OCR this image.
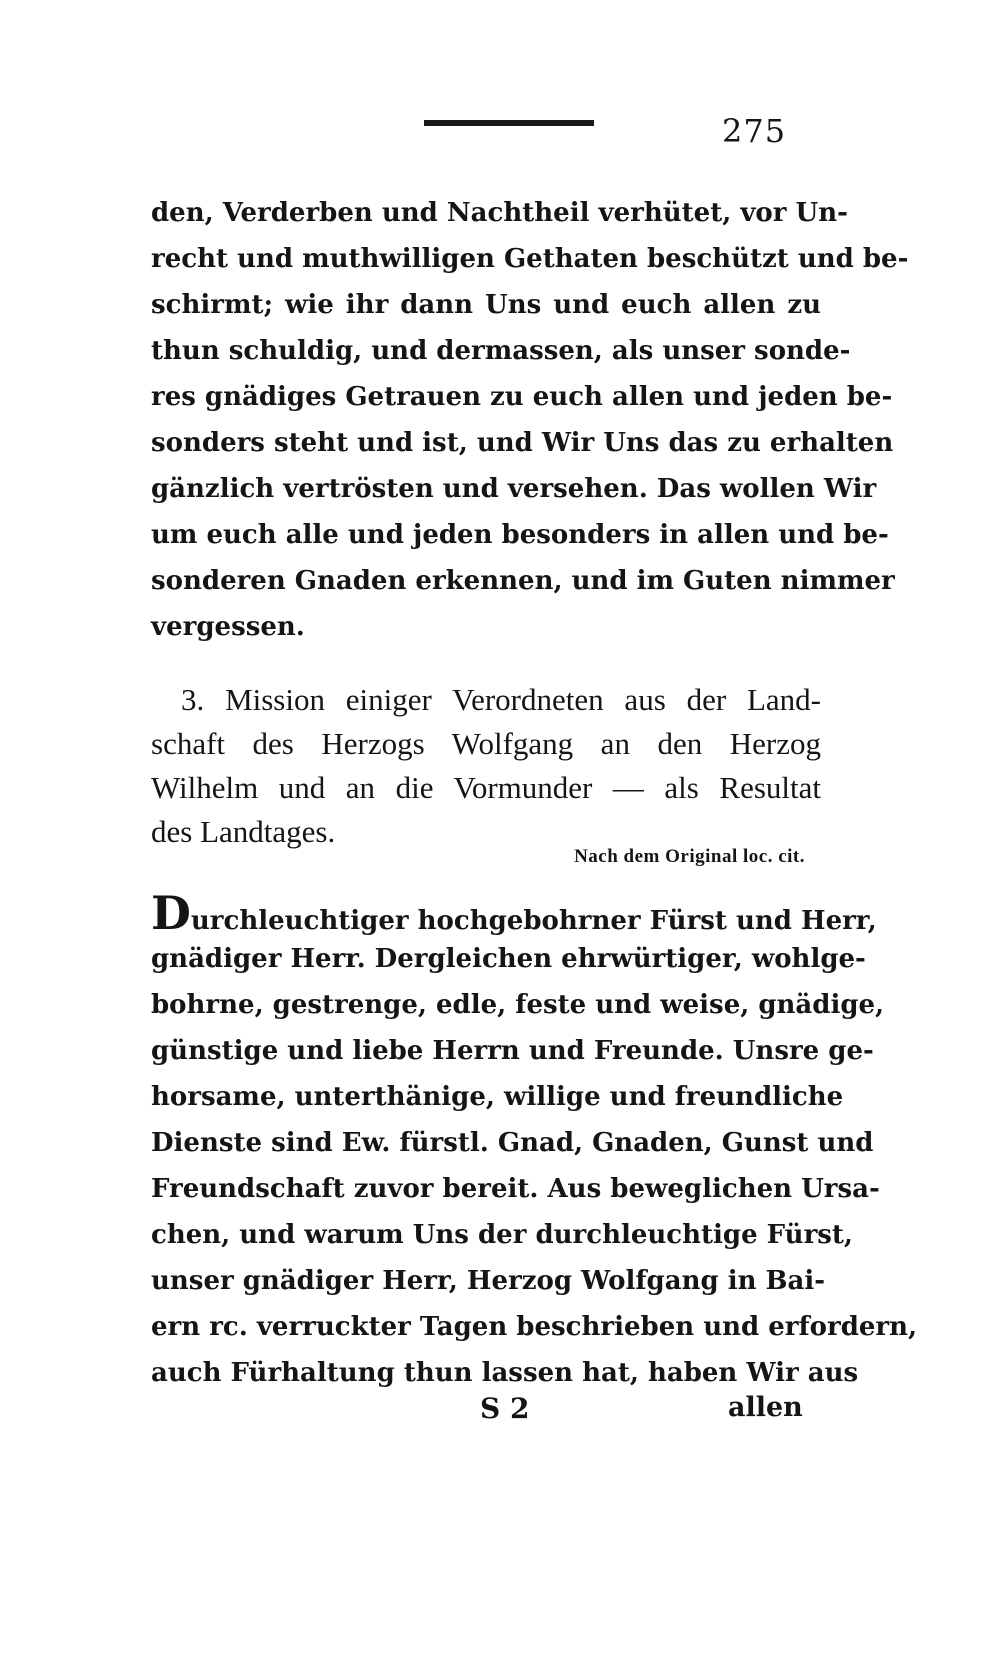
275
den, Verderben und Nachtheil verhütet, vor Un-
recht und muthwilligen Gethaten beschützt und be-
schirmt; wie ihr dann Uns und euch allen zu
thun schuldig, und dermassen, als unser sonde-
res gnädiges Getrauen zu euch allen und jeden be-
sonders steht und ist, und Wir Uns das zu erhalten
gänzlich vertrösten und versehen. Das wollen Wir
um euch alle und jeden besonders in allen und be-
sonderen Gnaden erkennen, und im Guten nimmer
vergessen.
3. Mission einiger Verordneten aus der Land-
schaft des Herzogs Wolfgang an den Herzog
Wilhelm und an die Vormunder — als Resultat
des Landtages.
Nach dem Original loc. cit.
Durchleuchtiger hochgebohrner Fürst und Herr,
gnädiger Herr. Dergleichen ehrwürtiger, wohlge-
bohrne, gestrenge, edle, feste und weise, gnädige,
günstige und liebe Herrn und Freunde. Unsre ge-
horsame, unterthänige, willige und freundliche
Dienste sind Ew. fürstl. Gnad, Gnaden, Gunst und
Freundschaft zuvor bereit. Aus beweglichen Ursa-
chen, und warum Uns der durchleuchtige Fürst,
unser gnädiger Herr, Herzog Wolfgang in Bai-
ern rc. verruckter Tagen beschrieben und erfordern,
auch Fürhaltung thun lassen hat, haben Wir aus
S 2	allen
